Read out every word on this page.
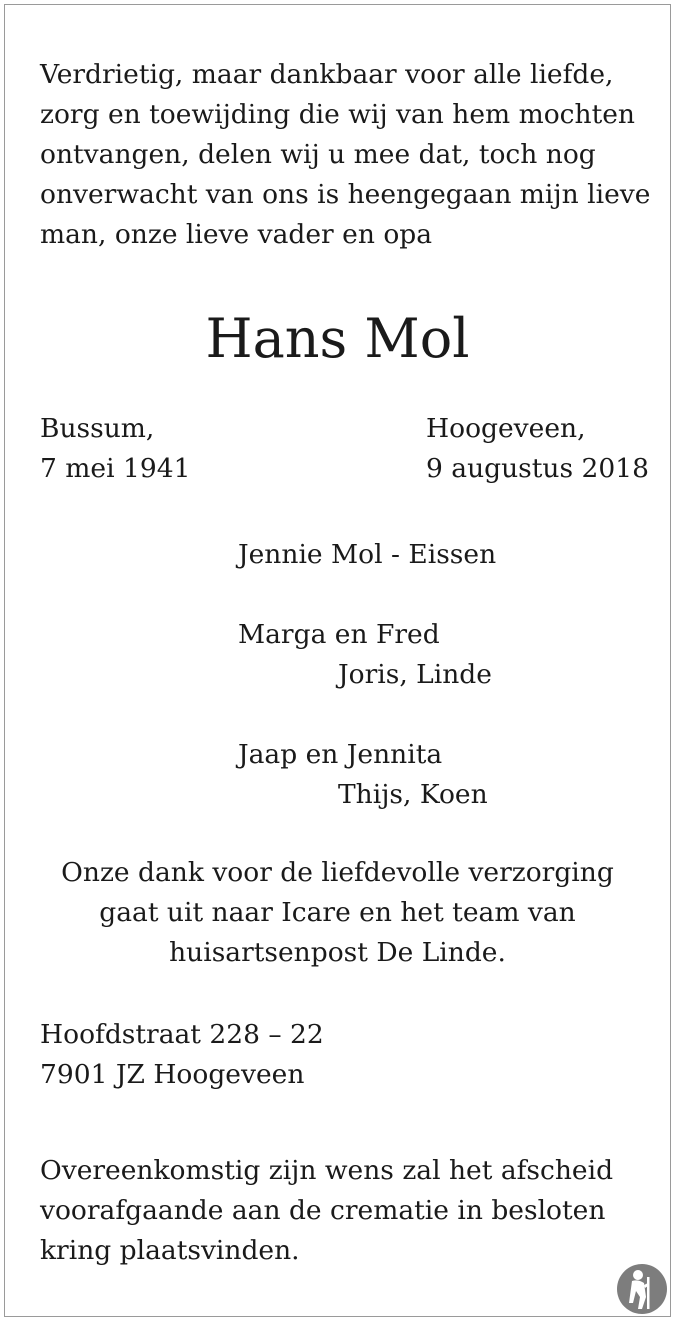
Verdrietig, maar dankbaar voor alle liefde,
zorg en toewijding die wij van hem mochten
ontvangen, delen wij u mee dat, toch nog
onverwacht van ons is heengegaan mijn lieve
man, onze lieve vader en opa

Hans Mol

Bussum,
7 mei 1941

Hoogeveen,
9 augustus 2018

Jennie Mol - Eissen

Marga en Fred
Joris, Linde

Jaap en Jennita
Thijs, Koen

Onze dank voor de liefdevolle verzorging
gaat uit naar Icare en het team van
huisartsenpost De Linde.

Hoofdstraat 228 – 22
7901 JZ Hoogeveen

Overeenkomstig zijn wens zal het afscheid
voorafgaande aan de crematie in besloten
kring plaatsvinden.
